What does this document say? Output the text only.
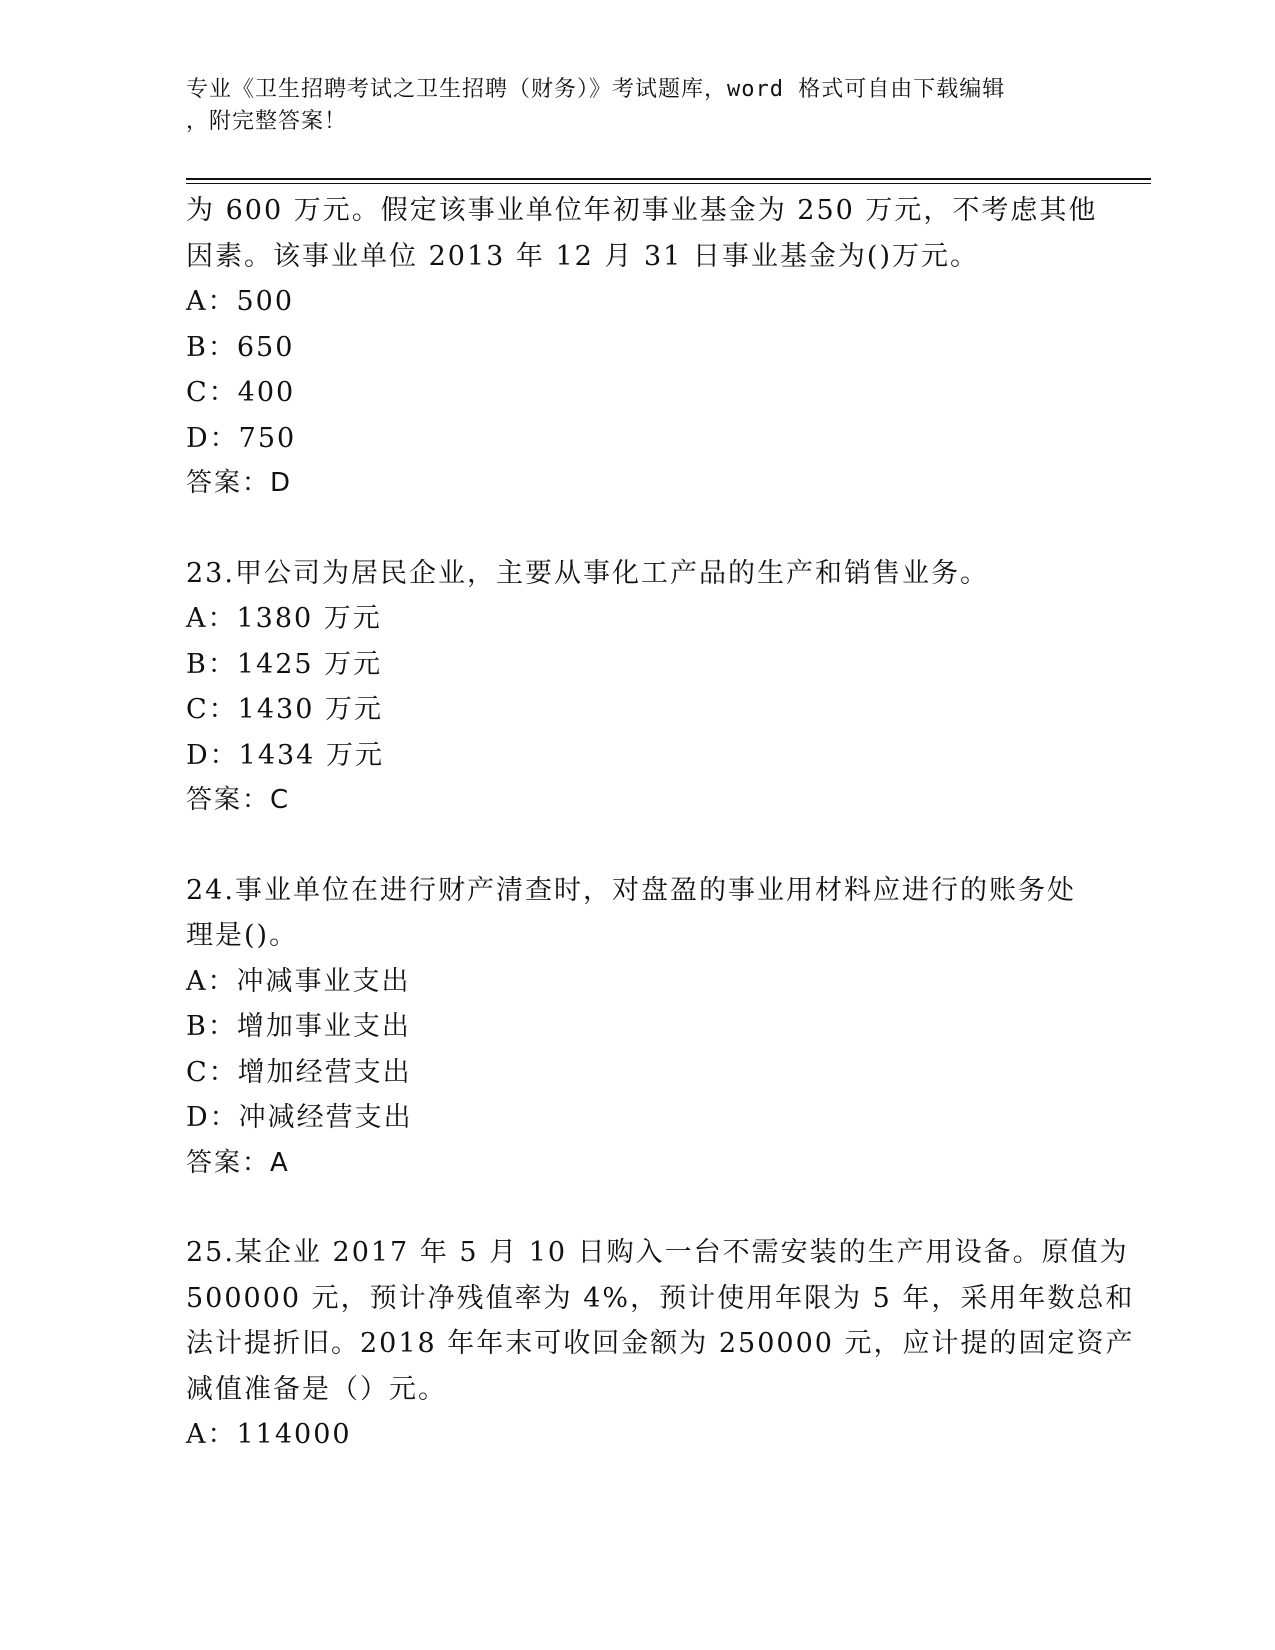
专业《卫生招聘考试之卫生招聘（财务）》考试题库，word 格式可自由下载编辑
，附完整答案！
为 600 万元。假定该事业单位年初事业基金为 250 万元，不考虑其他
因素。该事业单位 2013 年 12 月 31 日事业基金为()万元。
A：500
B：650
C：400
D：750
答案：D
23.甲公司为居民企业，主要从事化工产品的生产和销售业务。
A：1380 万元
B：1425 万元
C：1430 万元
D：1434 万元
答案：C
24.事业单位在进行财产清查时，对盘盈的事业用材料应进行的账务处
理是()。
A：冲减事业支出
B：增加事业支出
C：增加经营支出
D：冲减经营支出
答案：A
25.某企业 2017 年 5 月 10 日购入一台不需安装的生产用设备。原值为
500000 元，预计净残值率为 4%，预计使用年限为 5 年，采用年数总和
法计提折旧。2018 年年末可收回金额为 250000 元，应计提的固定资产
减值准备是（）元。
A：114000
